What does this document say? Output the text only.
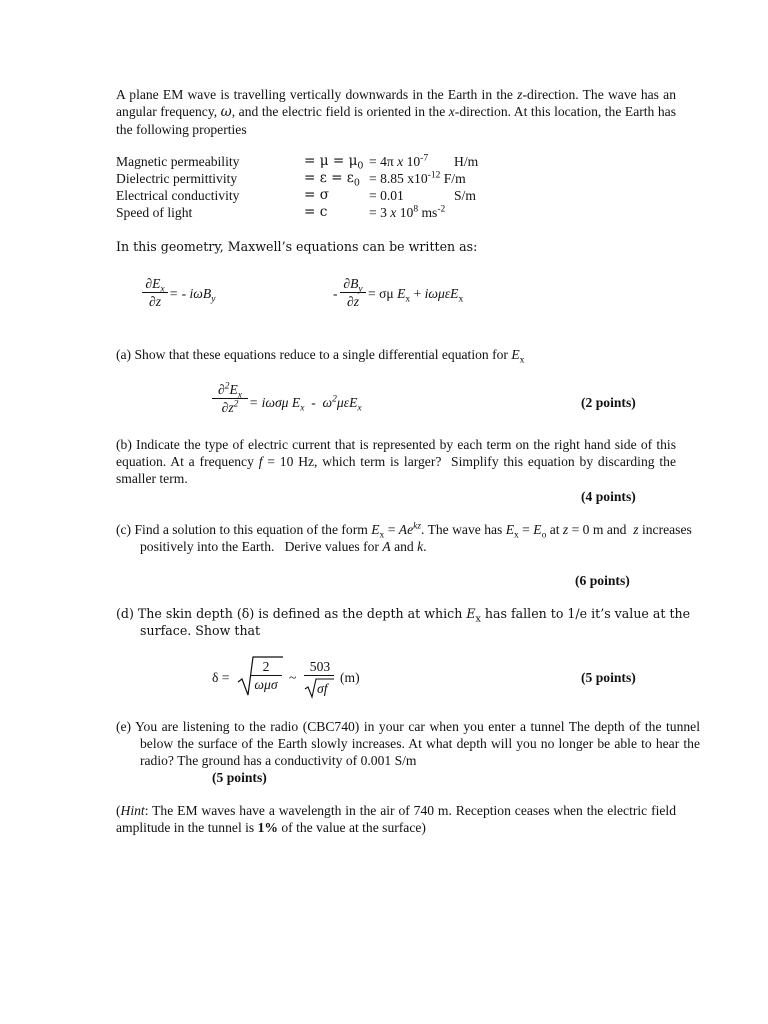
A plane EM wave is travelling vertically downwards in the Earth in the z-direction. The wave has an angular frequency, ω, and the electric field is oriented in the x-direction. At this location, the Earth has the following properties
Magnetic permeability	= $\mu = \mu_0 = 4\pi$ x $10^{-7}$ H/m
Dielectric permittivity	= $\varepsilon = \varepsilon_0 = 8.85$ $x10^{-12}$ F/m
Electrical conductivity	= σ	= 0.01	S/m
Speed of light	= c	= 3 x $10^8$ $ms^{-2}$
In this geometry, Maxwell’s equations can be written as:
$\frac{\partial E_x}{\partial z}$ = - iωB$_y$	- $\frac{\partial B_y}{\partial z} = \sigma\mu$ $E_x + i\omega\mu\varepsilon E_x$
(a) Show that these equations reduce to a single differential equation for $E_x$
$\frac{\partial^2E_x}{\partial z^2} = i\omega\sigma\mu$ $E_x - \omega^2\mu\varepsilon E_x$	(2 points)
(b) Indicate the type of electric current that is represented by each term on the right hand side of this equation. At a frequency f = 10 Hz, which term is larger?  Simplify this equation by discarding the smaller term.
(4 points)
(c) Find a solution to this equation of the form $E_x = Ae^{kz}$. The wave has $E_x = E_o$ at z = 0 m and  z increases positively into the Earth.   Derive values for A and k.
(6 points)
(d) The skin depth (δ) is defined as the depth at which $E_x$ has fallen to 1/e it’s value at the surface. Show that
δ =
2
ωμσ ~
503
σf
(m)	(5 points)
(e) You are listening to the radio (CBC740) in your car when you enter a tunnel The depth of the tunnel below the surface of the Earth slowly increases. At what depth will you no longer be able to hear the radio? The ground has a conductivity of 0.001 S/m
(5 points)
(Hint: The EM waves have a wavelength in the air of 740 m. Reception ceases when the electric field amplitude in the tunnel is 1% of the value at the surface)
